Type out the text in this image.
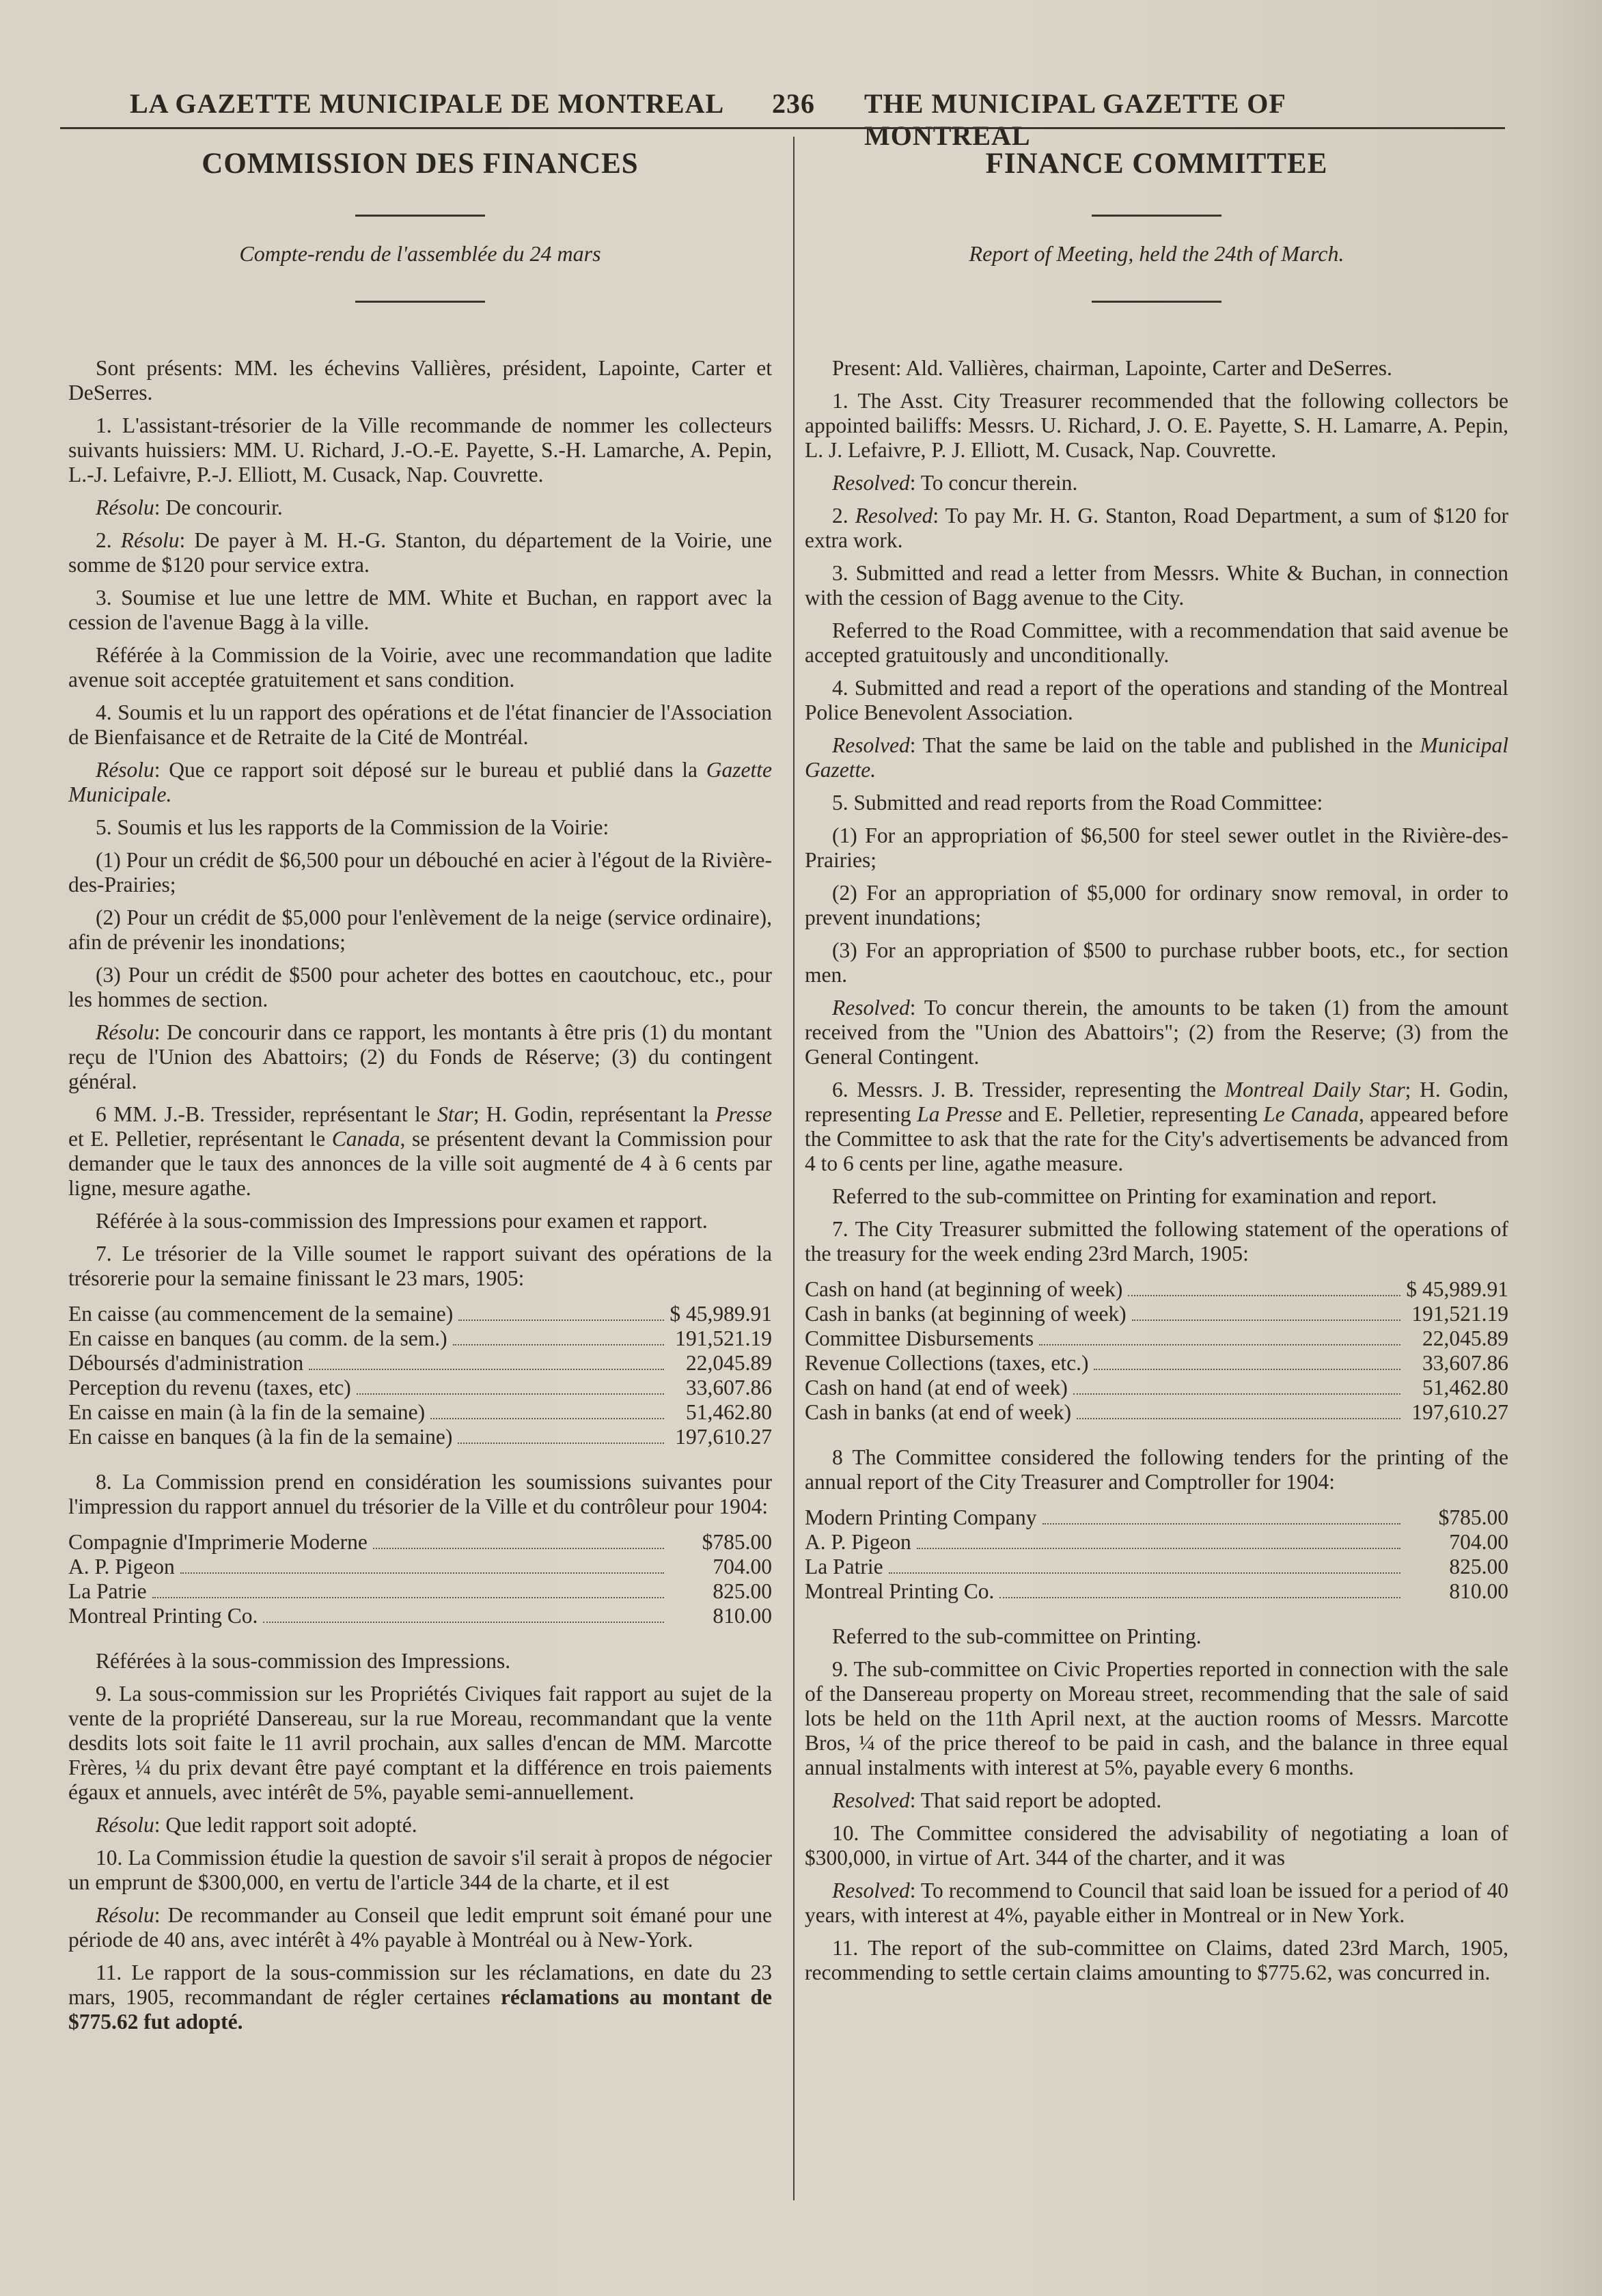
LA GAZETTE MUNICIPALE DE MONTREAL 236 THE MUNICIPAL GAZETTE OF MONTREAL
COMMISSION DES FINANCES
Compte-rendu de l'assemblée du 24 mars

Sont présents: MM. les échevins Vallières, président, Lapointe, Carter et DeSerres.

1. L'assistant-trésorier de la Ville recommande de nommer les collecteurs suivants huissiers: MM. U. Richard, J.-O.-E. Payette, S.-H. Lamarche, A. Pepin, L.-J. Lefaivre, P.-J. Elliott, M. Cusack, Nap. Couvrette.

Résolu: De concourir.

2. Résolu: De payer à M. H.-G. Stanton, du département de la Voirie, une somme de $120 pour service extra.

3. Soumise et lue une lettre de MM. White et Buchan, en rapport avec la cession de l'avenue Bagg à la ville.

Référée à la Commission de la Voirie, avec une recommandation que ladite avenue soit acceptée gratuitement et sans condition.

4. Soumis et lu un rapport des opérations et de l'état financier de l'Association de Bienfaisance et de Retraite de la Cité de Montréal.

Résolu: Que ce rapport soit déposé sur le bureau et publié dans la Gazette Municipale.

5. Soumis et lus les rapports de la Commission de la Voirie:

(1) Pour un crédit de $6,500 pour un débouché en acier à l'égout de la Rivière-des-Prairies;

(2) Pour un crédit de $5,000 pour l'enlèvement de la neige (service ordinaire), afin de prévenir les inondations;

(3) Pour un crédit de $500 pour acheter des bottes en caoutchouc, etc., pour les hommes de section.

Résolu: De concourir dans ce rapport, les montants à être pris (1) du montant reçu de l'Union des Abattoirs; (2) du Fonds de Réserve; (3) du contingent général.

6 MM. J.-B. Tressider, représentant le Star; H. Godin, représentant la Presse et E. Pelletier, représentant le Canada, se présentent devant la Commission pour demander que le taux des annonces de la ville soit augmenté de 4 à 6 cents par ligne, mesure agathe.

Référée à la sous-commission des Impressions pour examen et rapport.

7. Le trésorier de la Ville soumet le rapport suivant des opérations de la trésorerie pour la semaine finissant le 23 mars, 1905:

En caisse (au commencement de la semaine)	$ 45,989.91
En caisse en banques (au comm. de la sem.)	191,521.19
Déboursés d'administration	22,045.89
Perception du revenu (taxes, etc)	33,607.86
En caisse en main (à la fin de la semaine)	51,462.80
En caisse en banques (à la fin de la semaine)	197,610.27

8. La Commission prend en considération les soumissions suivantes pour l'impression du rapport annuel du trésorier de la Ville et du contrôleur pour 1904:

Compagnie d'Imprimerie Moderne	$785.00
A. P. Pigeon	704.00
La Patrie	825.00
Montreal Printing Co.	810.00

Référées à la sous-commission des Impressions.

9. La sous-commission sur les Propriétés Civiques fait rapport au sujet de la vente de la propriété Dansereau, sur la rue Moreau, recommandant que la vente desdits lots soit faite le 11 avril prochain, aux salles d'encan de MM. Marcotte Frères, ¼ du prix devant être payé comptant et la différence en trois paiements égaux et annuels, avec intérêt de 5%, payable semi-annuellement.

Résolu: Que ledit rapport soit adopté.

10. La Commission étudie la question de savoir s'il serait à propos de négocier un emprunt de $300,000, en vertu de l'article 344 de la charte, et il est

Résolu: De recommander au Conseil que ledit emprunt soit émané pour une période de 40 ans, avec intérêt à 4% payable à Montréal ou à New-York.

11. Le rapport de la sous-commission sur les réclamations, en date du 23 mars, 1905, recommandant de régler certaines réclamations au montant de $775.62 fut adopté.

FINANCE COMMITTEE
Report of Meeting, held the 24th of March.

Present: Ald. Vallières, chairman, Lapointe, Carter and DeSerres.

1. The Asst. City Treasurer recommended that the following collectors be appointed bailiffs: Messrs. U. Richard, J. O. E. Payette, S. H. Lamarre, A. Pepin, L. J. Lefaivre, P. J. Elliott, M. Cusack, Nap. Couvrette.

Resolved: To concur therein.

2. Resolved: To pay Mr. H. G. Stanton, Road Department, a sum of $120 for extra work.

3. Submitted and read a letter from Messrs. White & Buchan, in connection with the cession of Bagg avenue to the City.

Referred to the Road Committee, with a recommendation that said avenue be accepted gratuitously and unconditionally.

4. Submitted and read a report of the operations and standing of the Montreal Police Benevolent Association.

Resolved: That the same be laid on the table and published in the Municipal Gazette.

5. Submitted and read reports from the Road Committee:

(1) For an appropriation of $6,500 for steel sewer outlet in the Rivière-des-Prairies;

(2) For an appropriation of $5,000 for ordinary snow removal, in order to prevent inundations;

(3) For an appropriation of $500 to purchase rubber boots, etc., for section men.

Resolved: To concur therein, the amounts to be taken (1) from the amount received from the "Union des Abattoirs"; (2) from the Reserve; (3) from the General Contingent.

6. Messrs. J. B. Tressider, representing the Montreal Daily Star; H. Godin, representing La Presse and E. Pelletier, representing Le Canada, appeared before the Committee to ask that the rate for the City's advertisements be advanced from 4 to 6 cents per line, agathe measure.

Referred to the sub-committee on Printing for examination and report.

7. The City Treasurer submitted the following statement of the operations of the treasury for the week ending 23rd March, 1905:

Cash on hand (at beginning of week)	$ 45,989.91
Cash in banks (at beginning of week)	191,521.19
Committee Disbursements	22,045.89
Revenue Collections (taxes, etc.)	33,607.86
Cash on hand (at end of week)	51,462.80
Cash in banks (at end of week)	197,610.27

8 The Committee considered the following tenders for the printing of the annual report of the City Treasurer and Comptroller for 1904:

Modern Printing Company	$785.00
A. P. Pigeon	704.00
La Patrie	825.00
Montreal Printing Co.	810.00

Referred to the sub-committee on Printing.

9. The sub-committee on Civic Properties reported in connection with the sale of the Dansereau property on Moreau street, recommending that the sale of said lots be held on the 11th April next, at the auction rooms of Messrs. Marcotte Bros, ¼ of the price thereof to be paid in cash, and the balance in three equal annual instalments with interest at 5%, payable every 6 months.

Resolved: That said report be adopted.

10. The Committee considered the advisability of negotiating a loan of $300,000, in virtue of Art. 344 of the charter, and it was

Resolved: To recommend to Council that said loan be issued for a period of 40 years, with interest at 4%, payable either in Montreal or in New York.

11. The report of the sub-committee on Claims, dated 23rd March, 1905, recommending to settle certain claims amounting to $775.62, was concurred in.
